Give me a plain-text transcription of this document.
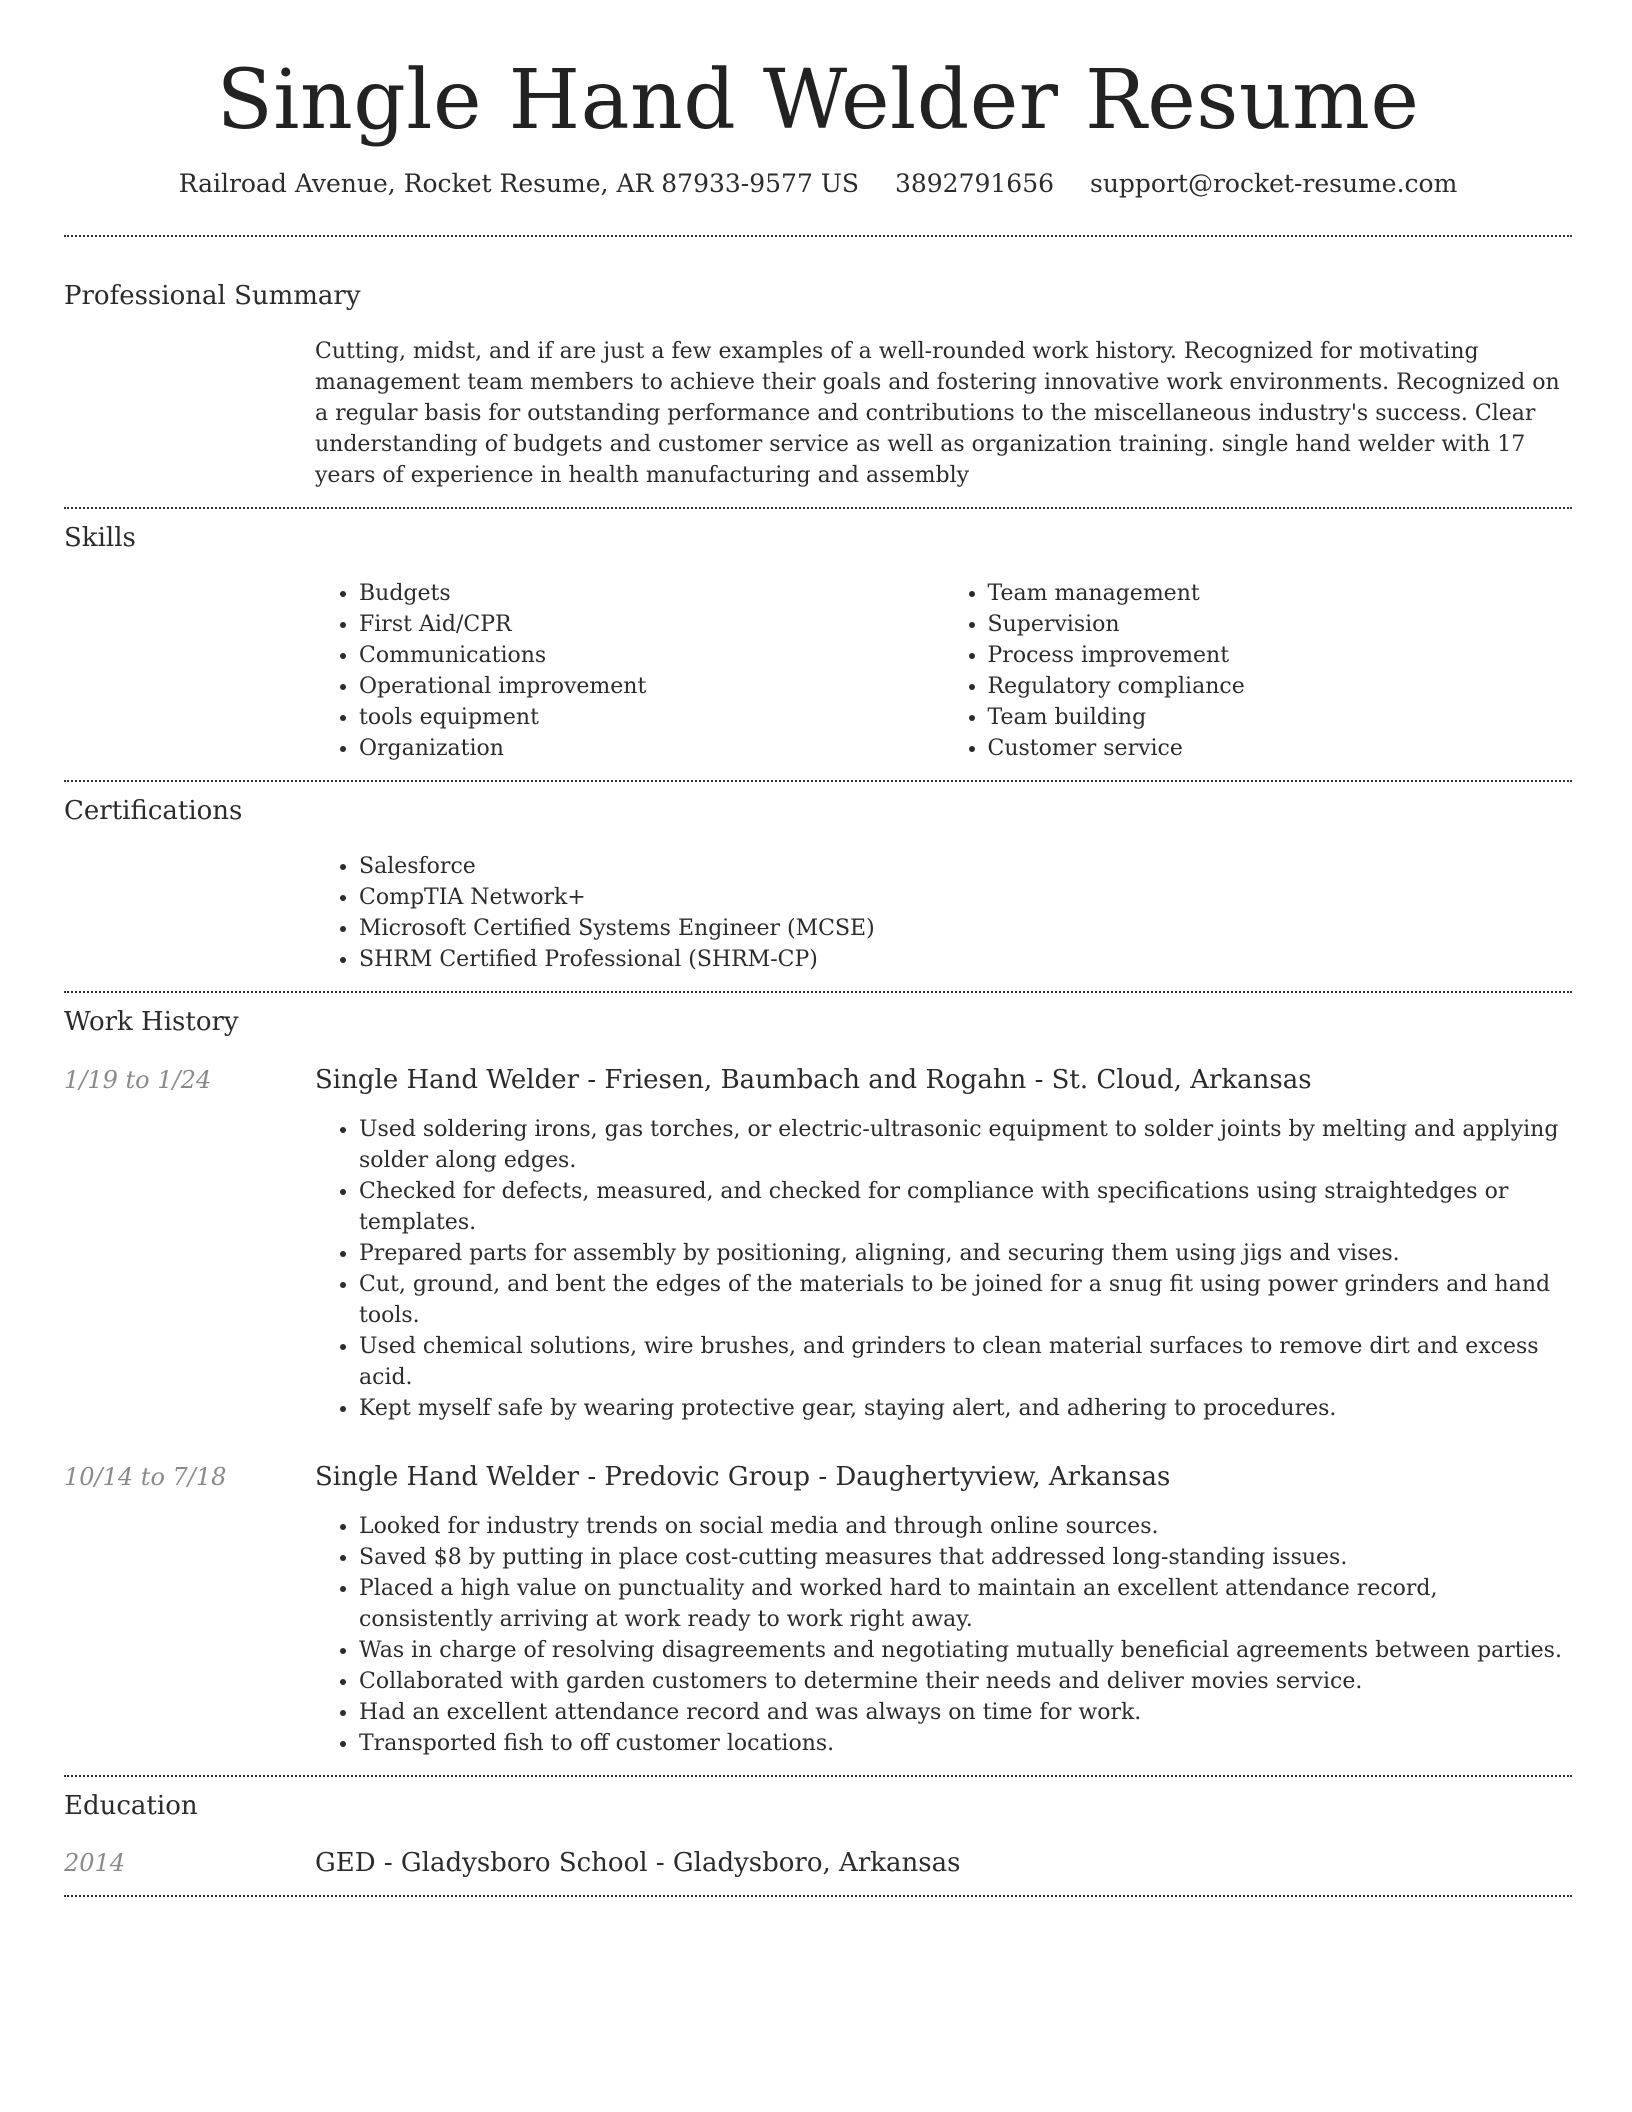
Single Hand Welder Resume
Railroad Avenue, Rocket Resume, AR 87933-9577 US 3892791656 support@rocket-resume.com
Professional Summary
Cutting, midst, and if are just a few examples of a well-rounded work history. Recognized for motivating management team members to achieve their goals and fostering innovative work environments. Recognized on a regular basis for outstanding performance and contributions to the miscellaneous industry's success. Clear understanding of budgets and customer service as well as organization training. single hand welder with 17 years of experience in health manufacturing and assembly
Skills
• Budgets
• First Aid/CPR
• Communications
• Operational improvement
• tools equipment
• Organization
• Team management
• Supervision
• Process improvement
• Regulatory compliance
• Team building
• Customer service
Certifications
• Salesforce
• CompTIA Network+
• Microsoft Certified Systems Engineer (MCSE)
• SHRM Certified Professional (SHRM-CP)
Work History
1/19 to 1/24	Single Hand Welder - Friesen, Baumbach and Rogahn - St. Cloud, Arkansas
• Used soldering irons, gas torches, or electric-ultrasonic equipment to solder joints by melting and applying solder along edges.
• Checked for defects, measured, and checked for compliance with specifications using straightedges or templates.
• Prepared parts for assembly by positioning, aligning, and securing them using jigs and vises.
• Cut, ground, and bent the edges of the materials to be joined for a snug fit using power grinders and hand tools.
• Used chemical solutions, wire brushes, and grinders to clean material surfaces to remove dirt and excess acid.
• Kept myself safe by wearing protective gear, staying alert, and adhering to procedures.
10/14 to 7/18	Single Hand Welder - Predovic Group - Daughertyview, Arkansas
• Looked for industry trends on social media and through online sources.
• Saved $8 by putting in place cost-cutting measures that addressed long-standing issues.
• Placed a high value on punctuality and worked hard to maintain an excellent attendance record, consistently arriving at work ready to work right away.
• Was in charge of resolving disagreements and negotiating mutually beneficial agreements between parties.
• Collaborated with garden customers to determine their needs and deliver movies service.
• Had an excellent attendance record and was always on time for work.
• Transported fish to off customer locations.
Education
2014	GED - Gladysboro School - Gladysboro, Arkansas
